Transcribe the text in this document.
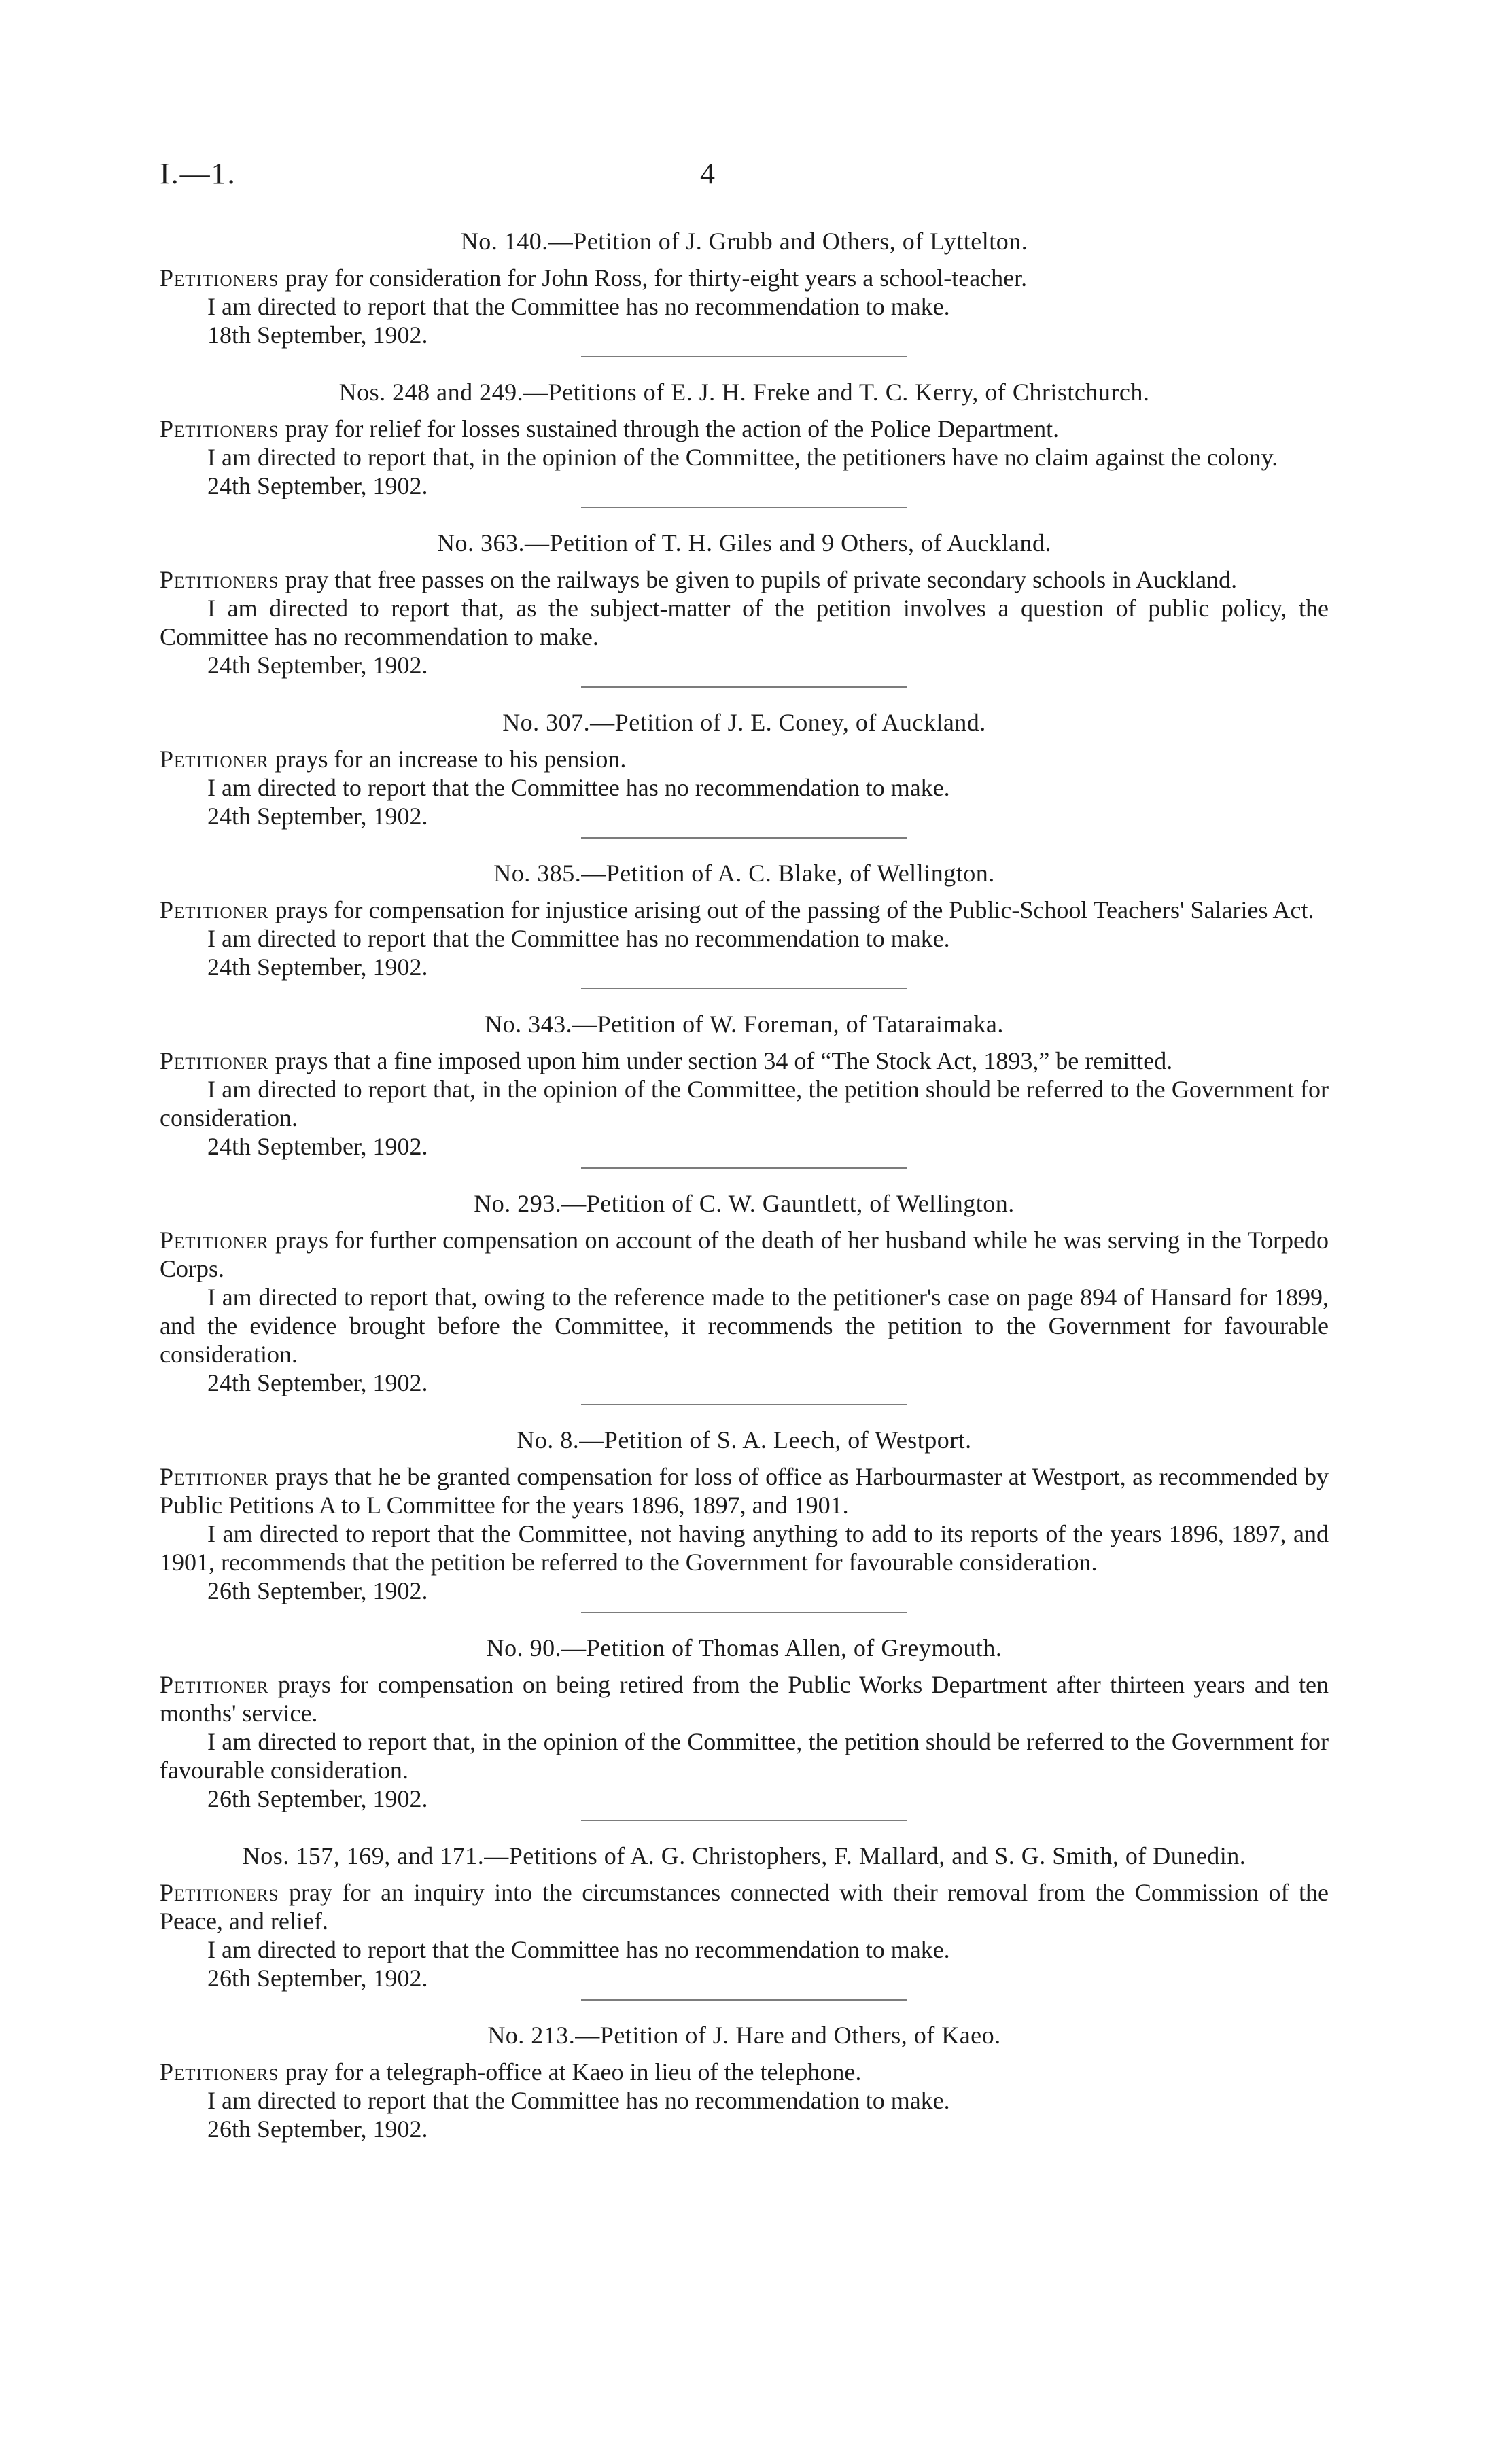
I.—1.	4

No. 140.—Petition of J. Grubb and Others, of Lyttelton.

Petitioners pray for consideration for John Ross, for thirty-eight years a school-teacher.

I am directed to report that the Committee has no recommendation to make.

18th September, 1902.

Nos. 248 and 249.—Petitions of E. J. H. Freke and T. C. Kerry, of Christchurch.

Petitioners pray for relief for losses sustained through the action of the Police Department.

I am directed to report that, in the opinion of the Committee, the petitioners have no claim against the colony.

24th September, 1902.

No. 363.—Petition of T. H. Giles and 9 Others, of Auckland.

Petitioners pray that free passes on the railways be given to pupils of private secondary schools in Auckland.

I am directed to report that, as the subject-matter of the petition involves a question of public policy, the Committee has no recommendation to make.

24th September, 1902.

No. 307.—Petition of J. E. Coney, of Auckland.

Petitioner prays for an increase to his pension.

I am directed to report that the Committee has no recommendation to make.

24th September, 1902.

No. 385.—Petition of A. C. Blake, of Wellington.

Petitioner prays for compensation for injustice arising out of the passing of the Public-School Teachers' Salaries Act.

I am directed to report that the Committee has no recommendation to make.

24th September, 1902.

No. 343.—Petition of W. Foreman, of Tataraimaka.

Petitioner prays that a fine imposed upon him under section 34 of “The Stock Act, 1893,” be remitted.

I am directed to report that, in the opinion of the Committee, the petition should be referred to the Government for consideration.

24th September, 1902.

No. 293.—Petition of C. W. Gauntlett, of Wellington.

Petitioner prays for further compensation on account of the death of her husband while he was serving in the Torpedo Corps.

I am directed to report that, owing to the reference made to the petitioner's case on page 894 of Hansard for 1899, and the evidence brought before the Committee, it recommends the petition to the Government for favourable consideration.

24th September, 1902.

No. 8.—Petition of S. A. Leech, of Westport.

Petitioner prays that he be granted compensation for loss of office as Harbourmaster at Westport, as recommended by Public Petitions A to L Committee for the years 1896, 1897, and 1901.

I am directed to report that the Committee, not having anything to add to its reports of the years 1896, 1897, and 1901, recommends that the petition be referred to the Government for favourable consideration.

26th September, 1902.

No. 90.—Petition of Thomas Allen, of Greymouth.

Petitioner prays for compensation on being retired from the Public Works Department after thirteen years and ten months' service.

I am directed to report that, in the opinion of the Committee, the petition should be referred to the Government for favourable consideration.

26th September, 1902.

Nos. 157, 169, and 171.—Petitions of A. G. Christophers, F. Mallard, and S. G. Smith, of Dunedin.

Petitioners pray for an inquiry into the circumstances connected with their removal from the Commission of the Peace, and relief.

I am directed to report that the Committee has no recommendation to make.

26th September, 1902.

No. 213.—Petition of J. Hare and Others, of Kaeo.

Petitioners pray for a telegraph-office at Kaeo in lieu of the telephone.

I am directed to report that the Committee has no recommendation to make.

26th September, 1902.
